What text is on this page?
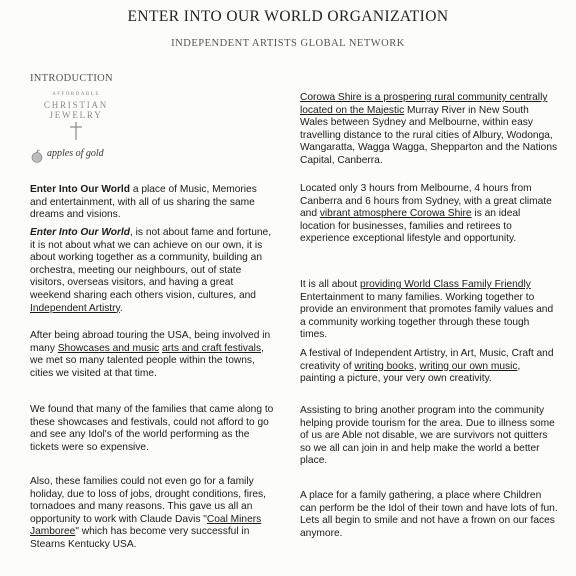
ENTER INTO OUR WORLD ORGANIZATION
INDEPENDENT ARTISTS GLOBAL NETWORK
INTRODUCTION
AFFORDABLE
CHRISTIAN
JEWELRY
apples of gold

Enter Into Our World a place of Music, Memories and entertainment, with all of us sharing the same dreams and visions.

Enter Into Our World, is not about fame and fortune, it is not about what we can achieve on our own, it is about working together as a community, building an orchestra, meeting our neighbours, out of state visitors, overseas visitors, and having a great weekend sharing each others vision, cultures, and Independent Artistry.

After being abroad touring the USA, being involved in many Showcases and music arts and craft festivals, we met so many talented people within the towns, cities we visited at that time.

We found that many of the families that came along to these showcases and festivals, could not afford to go and see any Idol's of the world performing as the tickets were so expensive.

Also, these families could not even go for a family holiday, due to loss of jobs, drought conditions, fires, tornadoes and many reasons. This gave us all an opportunity to work with Claude Davis "Coal Miners Jamboree" which has become very successful in Stearns Kentucky USA.

Corowa Shire is a prospering rural community centrally located on the Majestic Murray River in New South Wales between Sydney and Melbourne, within easy travelling distance to the rural cities of Albury, Wodonga, Wangaratta, Wagga Wagga, Shepparton and the Nations Capital, Canberra.

Located only 3 hours from Melbourne, 4 hours from Canberra and 6 hours from Sydney, with a great climate and vibrant atmosphere Corowa Shire is an ideal location for businesses, families and retirees to experience exceptional lifestyle and opportunity.

It is all about providing World Class Family Friendly Entertainment to many families. Working together to provide an environment that promotes family values and a community working together through these tough times.

A festival of Independent Artistry, in Art, Music, Craft and creativity of writing books, writing our own music, painting a picture, your very own creativity.

Assisting to bring another program into the community helping provide tourism for the area. Due to illness some of us are Able not disable, we are survivors not quitters so we all can join in and help make the world a better place.

A place for a family gathering, a place where Children can perform be the Idol of their town and have lots of fun. Lets all begin to smile and not have a frown on our faces anymore.
